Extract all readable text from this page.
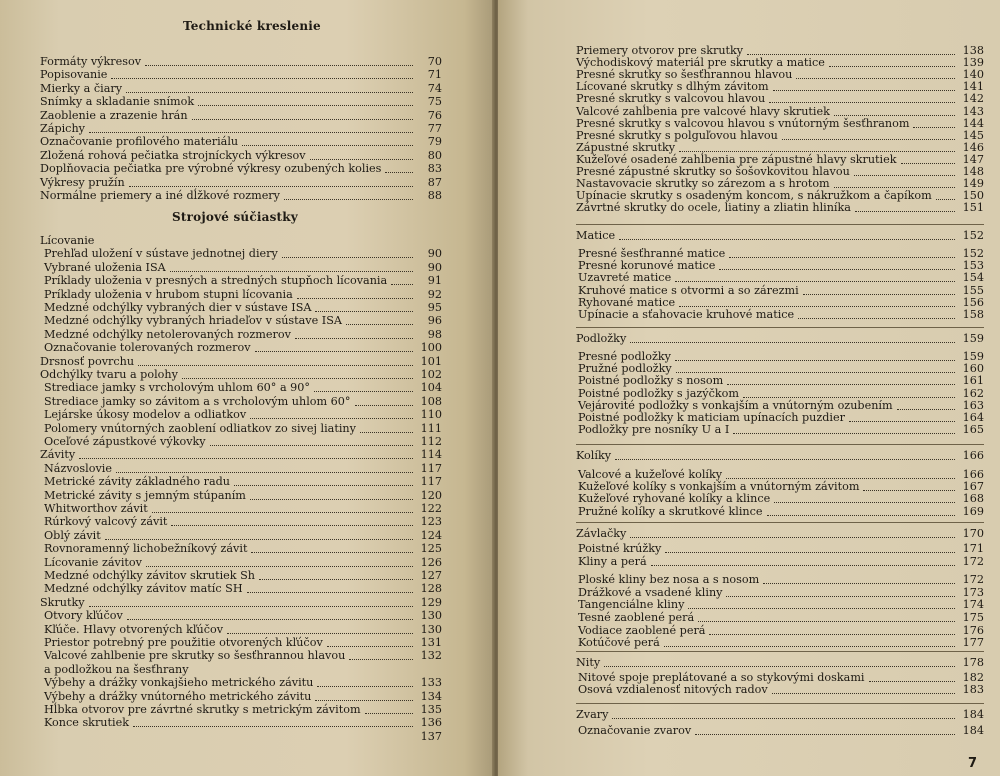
Technické kreslenie
Formáty výkresov	70
Popisovanie	71
Mierky a čiary	74
Snímky a skladanie snímok	75
Zaoblenie a zrazenie hrán	76
Zápichy	77
Označovanie profilového materiálu	79
Zložená rohová pečiatka strojníckych výkresov	80
Doplňovacia pečiatka pre výrobné výkresy ozubených kolies	83
Výkresy pružín	87
Normálne priemery a iné dĺžkové rozmery	88
Strojové súčiastky
Lícovanie
Prehľad uložení v sústave jednotnej diery	90
Vybrané uloženia ISA	90
Príklady uloženia v presných a stredných stupňoch lícovania	91
Príklady uloženia v hrubom stupni lícovania	92
Medzné odchýlky vybraných dier v sústave ISA	95
Medzné odchýlky vybraných hriadeľov v sústave ISA	96
Medzné odchýlky netolerovaných rozmerov	98
Označovanie tolerovaných rozmerov	100
Drsnosť povrchu	101
Odchýlky tvaru a polohy	102
Strediace jamky s vrcholovým uhlom 60° a 90°	104
Strediace jamky so závitom a s vrcholovým uhlom 60°	108
Lejárske úkosy modelov a odliatkov	110
Polomery vnútorných zaoblení odliatkov zo sivej liatiny	111
Oceľové zápustkové výkovky	112
Závity	114
Názvoslovie	117
Metrické závity základného radu	117
Metrické závity s jemným stúpaním	120
Whitworthov závit	122
Rúrkový valcový závit	123
Oblý závit	124
Rovnoramenný lichobežníkový závit	125
Lícovanie závitov	126
Medzné odchýlky závitov skrutiek Sh	127
Medzné odchýlky závitov matíc SH	128
Skrutky	129
Otvory kľúčov	130
Kľúče. Hlavy otvorených kľúčov	130
Priestor potrebný pre použitie otvorených kľúčov	131
Valcové zahlbenie pre skrutky so šesťhrannou hlavou	132
a podložkou na šesťhrany
Výbehy a drážky vonkajšieho metrického závitu	133
Výbehy a drážky vnútorného metrického závitu	134
Hĺbka otvorov pre závrtné skrutky s metrickým závitom	135
Konce skrutiek	136
137
Priemery otvorov pre skrutky	138
Východiskový materiál pre skrutky a matice	139
Presné skrutky so šesťhrannou hlavou	140
Lícované skrutky s dlhým závitom	141
Presné skrutky s valcovou hlavou	142
Valcové zahĺbenia pre valcové hlavy skrutiek	143
Presné skrutky s valcovou hlavou s vnútorným šesťhranom	144
Presné skrutky s polguľovou hlavou	145
Zápustné skrutky	146
Kužeľové osadené zahĺbenia pre zápustné hlavy skrutiek	147
Presné zápustné skrutky so šošovkovitou hlavou	148
Nastavovacie skrutky so zárezom a s hrotom	149
Upínacie skrutky s osadeným koncom, s nákružkom a čapíkom	150
Závrtné skrutky do ocele, liatiny a zliatin hliníka	151
Matice	152
Presné šesťhranné matice	152
Presné korunové matice	153
Uzavreté matice	154
Kruhové matice s otvormi a so zárezmi	155
Ryhované matice	156
Upínacie a sťahovacie kruhové matice	158
Podložky	159
Presné podložky	159
Pružné podložky	160
Poistné podložky s nosom	161
Poistné podložky s jazýčkom	162
Vejárovité podložky s vonkajším a vnútorným ozubením	163
Poistné podložky k maticiam upínacích puzdier	164
Podložky pre nosníky U a I	165
Kolíky	166
Valcové a kužeľové kolíky	166
Kužeľové kolíky s vonkajším a vnútorným závitom	167
Kužeľové ryhované kolíky a klince	168
Pružné kolíky a skrutkové klince	169
Závlačky	170
Poistné krúžky	171
Kliny a perá	172
Ploské kliny bez nosa a s nosom	172
Drážkové a vsadené kliny	173
Tangenciálne kliny	174
Tesné zaoblené perá	175
Vodiace zaoblené perá	176
Kotúčové perá	177
Nity	178
Nitové spoje preplátované a so stykovými doskami	182
Osová vzdialenosť nitových radov	183
Zvary	184
Označovanie zvarov	184
7
